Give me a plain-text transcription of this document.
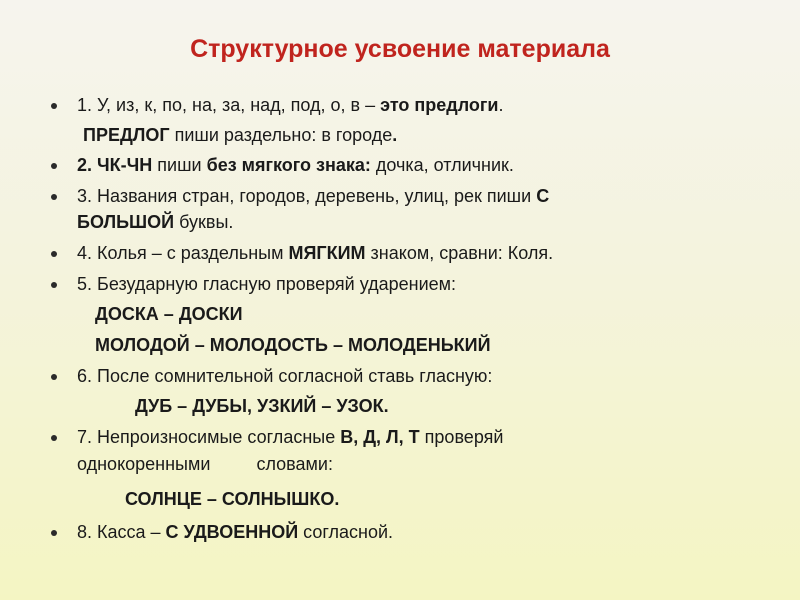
Структурное усвоение материала
1. У, из, к, по, на, за, над, под, о, в – это предлоги.
ПРЕДЛОГ пиши раздельно: в городе.
2. ЧК-ЧН пиши без мягкого знака: дочка, отличник.
3. Названия стран, городов, деревень, улиц, рек пиши С
БОЛЬШОЙ буквы.
4. Колья – с раздельным МЯГКИМ знаком, сравни: Коля.
5. Безударную гласную проверяй ударением:
ДОСКА – ДОСКИ
МОЛОДОЙ – МОЛОДОСТЬ – МОЛОДЕНЬКИЙ
6. После сомнительной согласной ставь гласную:
ДУБ – ДУБЫ, УЗКИЙ – УЗОК.
7. Непроизносимые согласные В, Д, Л, Т проверяй
однокоренными	словами:
СОЛНЦЕ – СОЛНЫШКО.
8. Касса – С УДВОЕННОЙ согласной.
